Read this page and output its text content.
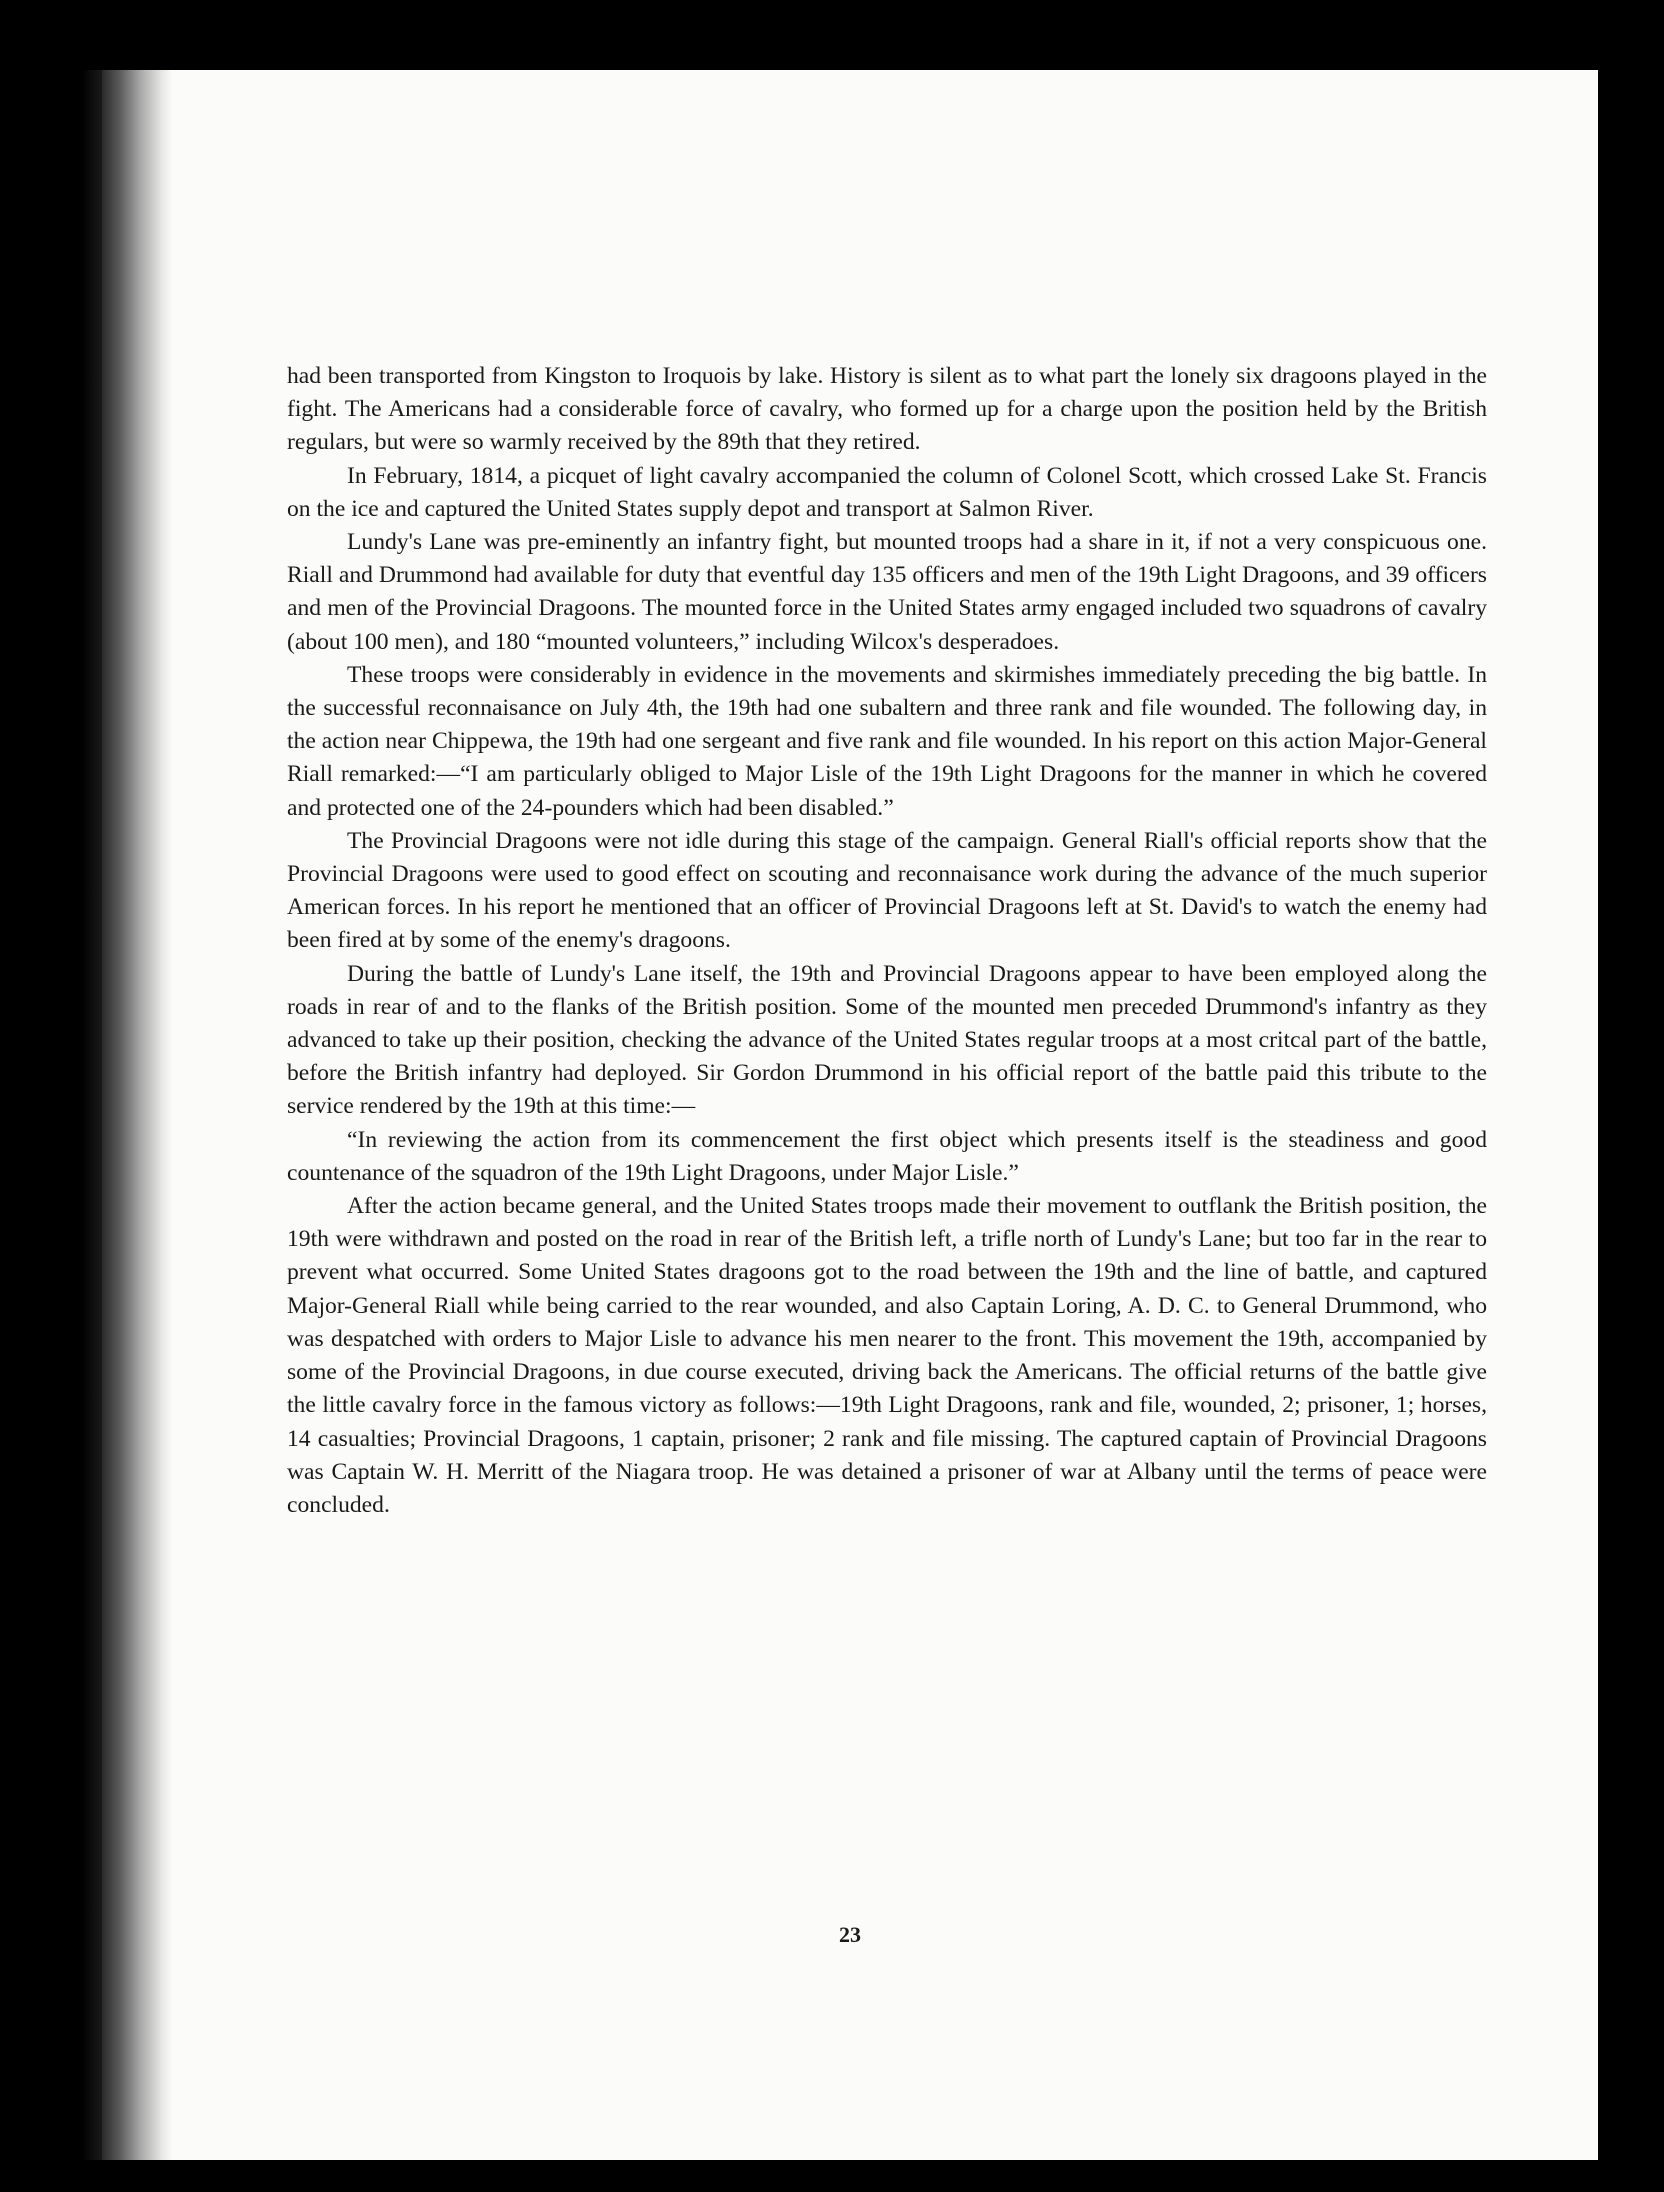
had been transported from Kingston to Iroquois by lake. History is silent as to what part the lonely six dragoons played in the fight. The Americans had a considerable force of cavalry, who formed up for a charge upon the position held by the British regulars, but were so warmly received by the 89th that they retired.

In February, 1814, a picquet of light cavalry accompanied the column of Colonel Scott, which crossed Lake St. Francis on the ice and captured the United States supply depot and transport at Salmon River.

Lundy's Lane was pre-eminently an infantry fight, but mounted troops had a share in it, if not a very conspicuous one. Riall and Drummond had available for duty that eventful day 135 officers and men of the 19th Light Dragoons, and 39 officers and men of the Provincial Dragoons. The mounted force in the United States army engaged included two squadrons of cavalry (about 100 men), and 180 “mounted volunteers,” including Wilcox's desperadoes.

These troops were considerably in evidence in the movements and skirmishes immediately preceding the big battle. In the successful reconnaisance on July 4th, the 19th had one subaltern and three rank and file wounded. The following day, in the action near Chippewa, the 19th had one sergeant and five rank and file wounded. In his report on this action Major-General Riall remarked:—“I am particularly obliged to Major Lisle of the 19th Light Dragoons for the manner in which he covered and protected one of the 24-pounders which had been disabled.”

The Provincial Dragoons were not idle during this stage of the campaign. General Riall's official reports show that the Provincial Dragoons were used to good effect on scouting and reconnaisance work during the advance of the much superior American forces. In his report he mentioned that an officer of Provincial Dragoons left at St. David's to watch the enemy had been fired at by some of the enemy's dragoons.

During the battle of Lundy's Lane itself, the 19th and Provincial Dragoons appear to have been employed along the roads in rear of and to the flanks of the British position. Some of the mounted men preceded Drummond's infantry as they advanced to take up their position, checking the advance of the United States regular troops at a most critcal part of the battle, before the British infantry had deployed. Sir Gordon Drummond in his official report of the battle paid this tribute to the service rendered by the 19th at this time:—

“In reviewing the action from its commencement the first object which presents itself is the steadiness and good countenance of the squadron of the 19th Light Dragoons, under Major Lisle.”

After the action became general, and the United States troops made their movement to outflank the British position, the 19th were withdrawn and posted on the road in rear of the British left, a trifle north of Lundy's Lane; but too far in the rear to prevent what occurred. Some United States dragoons got to the road between the 19th and the line of battle, and captured Major-General Riall while being carried to the rear wounded, and also Captain Loring, A. D. C. to General Drummond, who was despatched with orders to Major Lisle to advance his men nearer to the front. This movement the 19th, accompanied by some of the Provincial Dragoons, in due course executed, driving back the Americans. The official returns of the battle give the little cavalry force in the famous victory as follows:—19th Light Dragoons, rank and file, wounded, 2; prisoner, 1; horses, 14 casualties; Provincial Dragoons, 1 captain, prisoner; 2 rank and file missing. The captured captain of Provincial Dragoons was Captain W. H. Merritt of the Niagara troop. He was detained a prisoner of war at Albany until the terms of peace were concluded.

23
